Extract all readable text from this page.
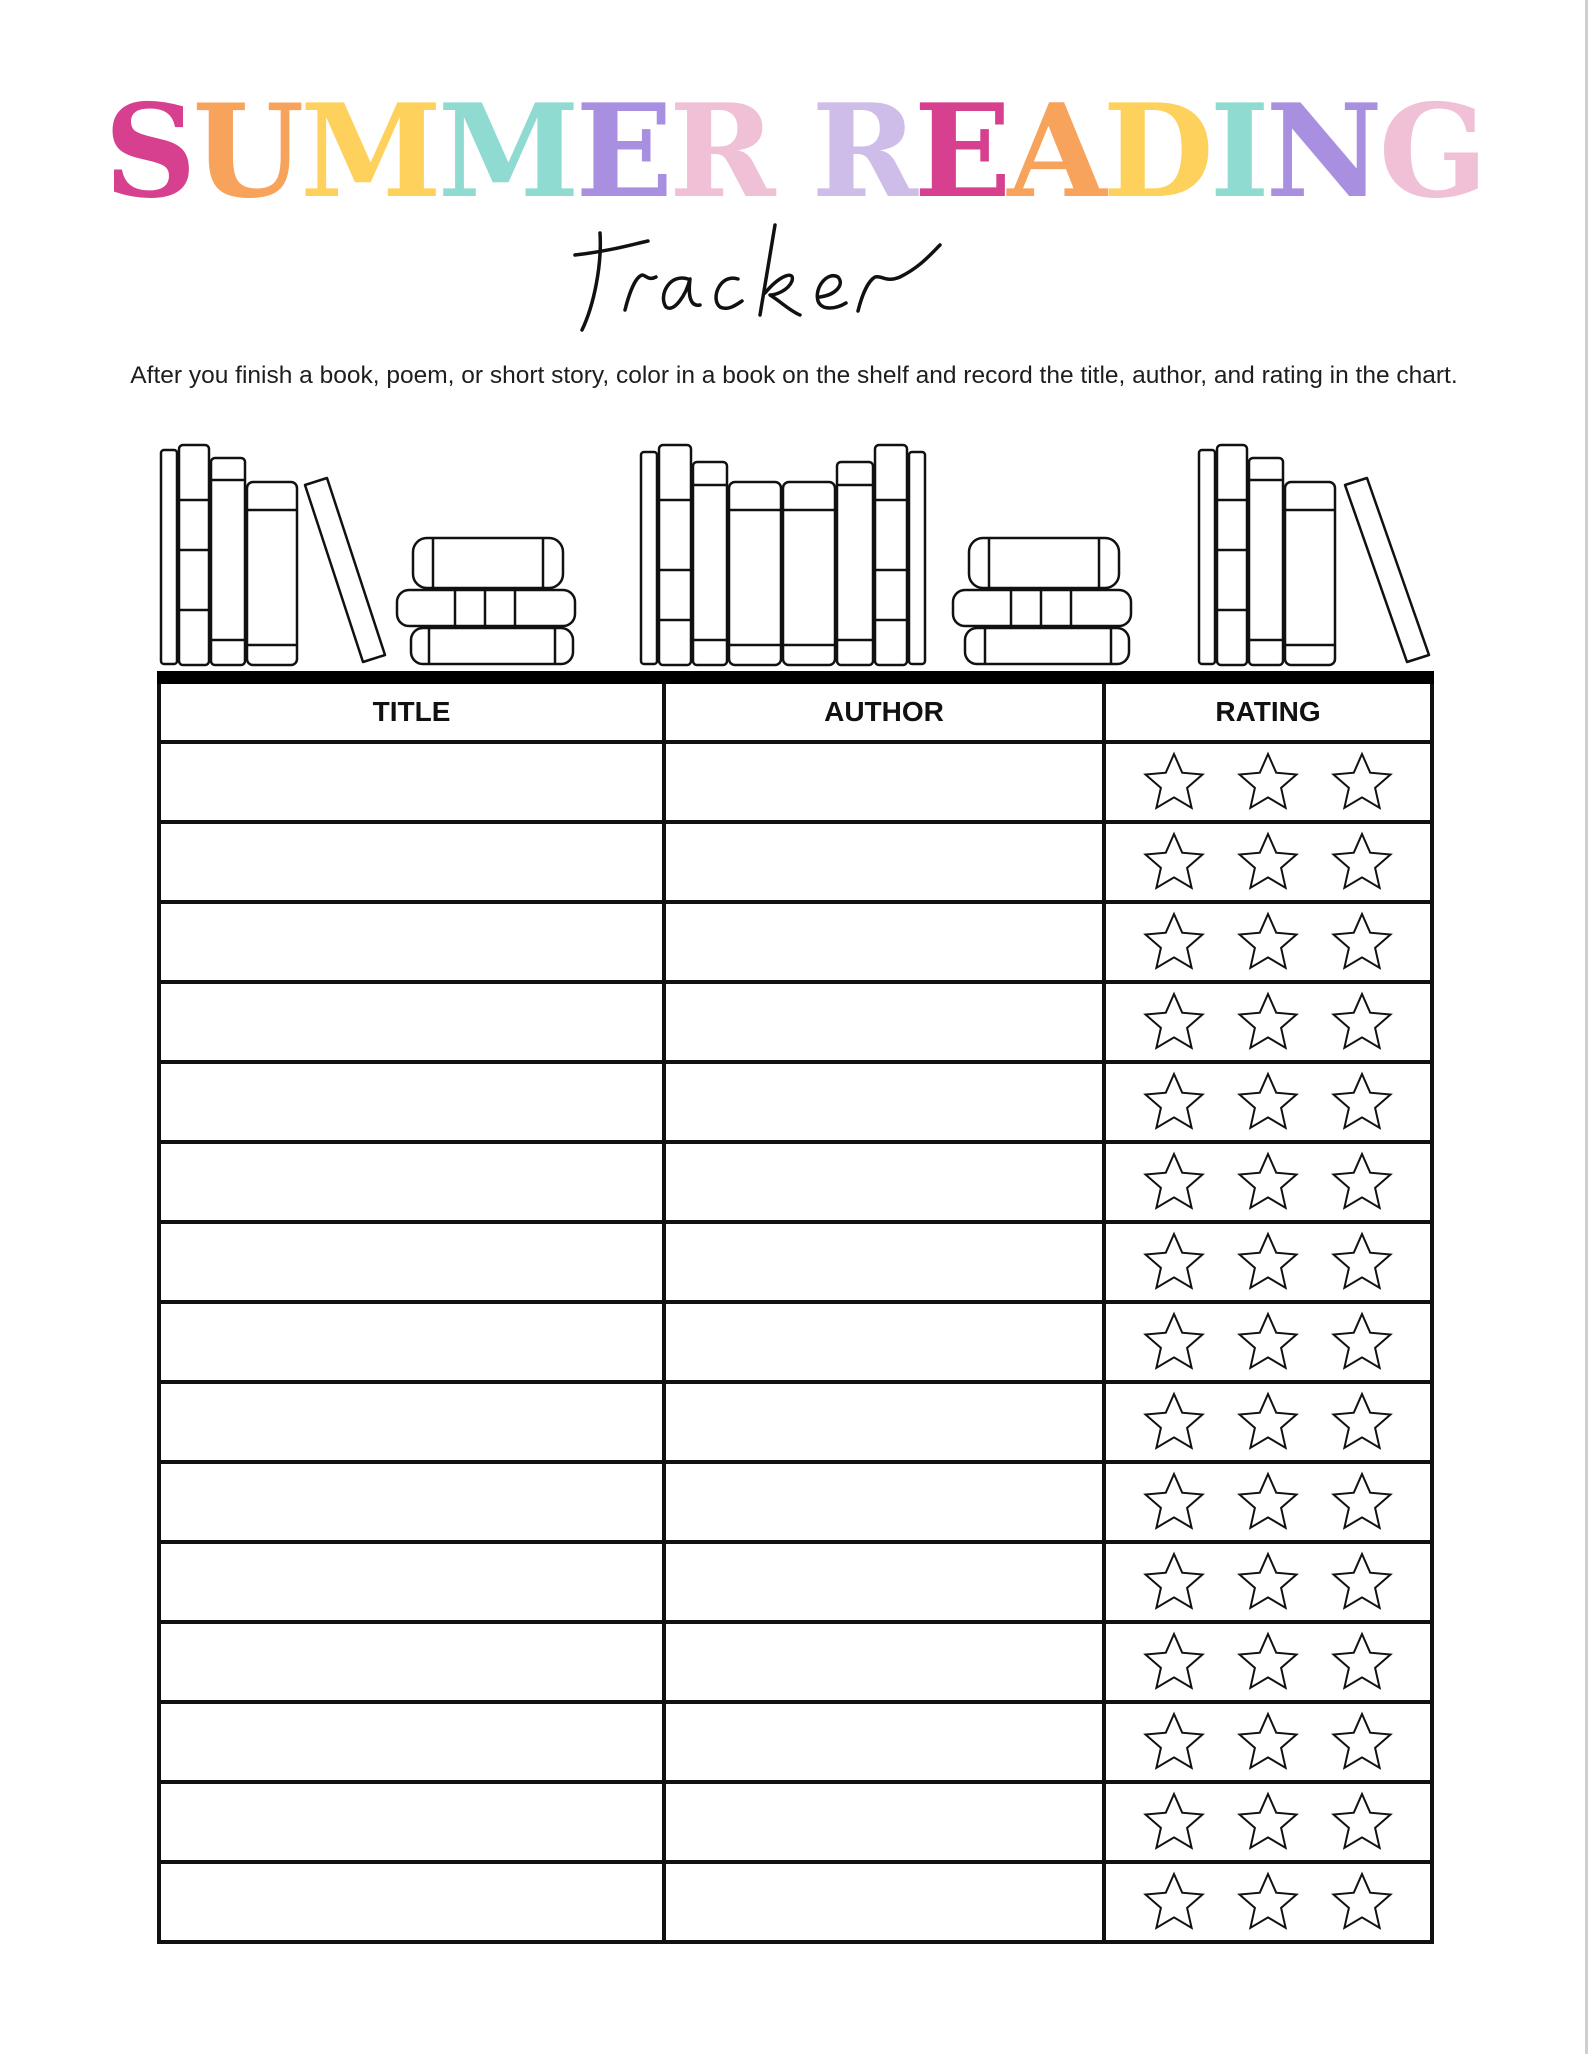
SUMMER READING
After you finish a book, poem, or short story, color in a book on the shelf and record the title, author, and rating in the chart.
TITLE	AUTHOR	RATING
